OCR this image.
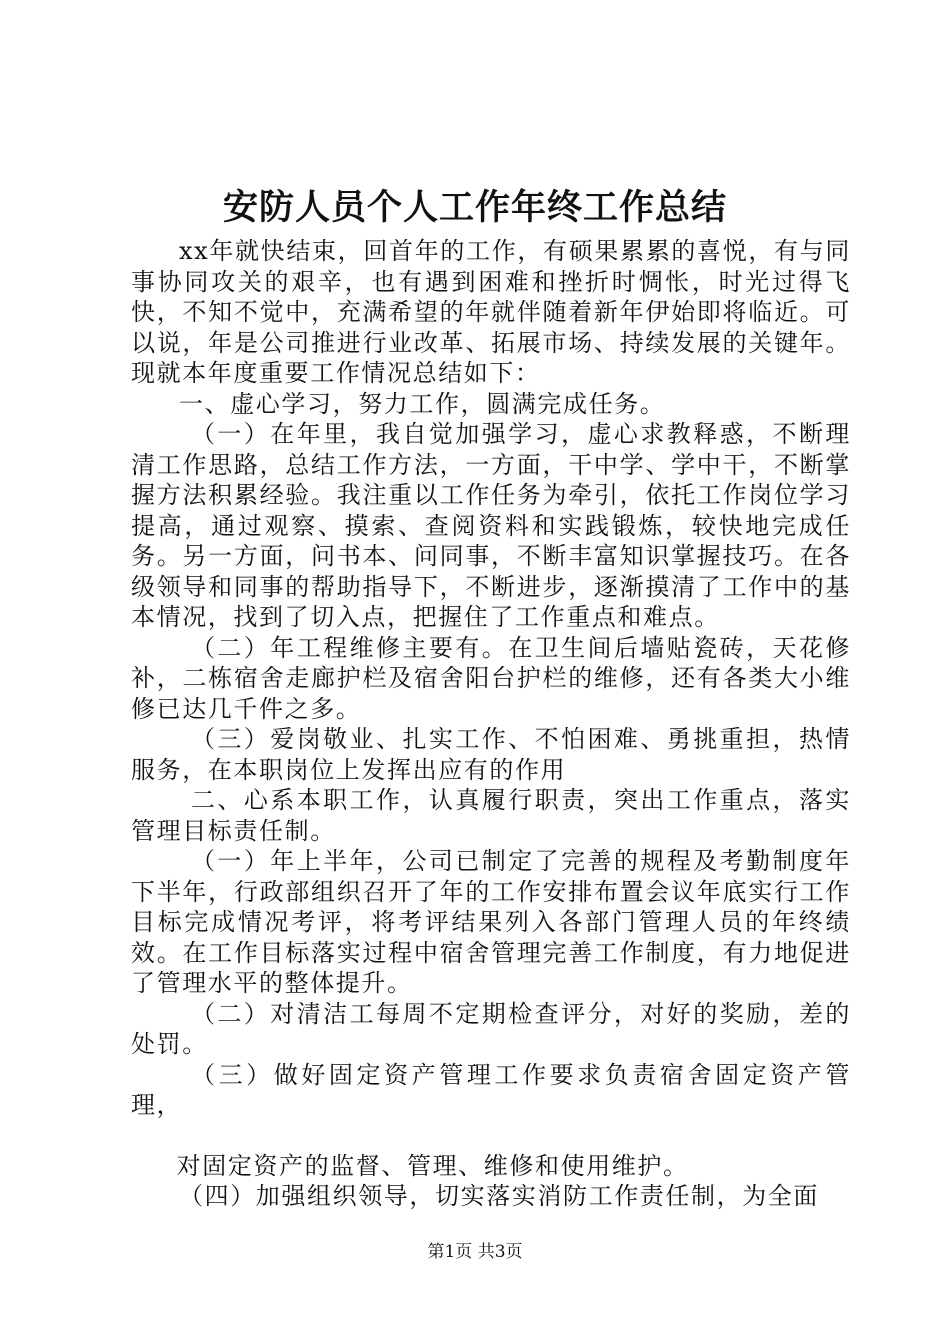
安防人员个人工作年终工作总结

xx年就快结束，回首年的工作，有硕果累累的喜悦，有与同事协同攻关的艰辛，也有遇到困难和挫折时惆怅，时光过得飞快，不知不觉中，充满希望的年就伴随着新年伊始即将临近。可以说，年是公司推进行业改革、拓展市场、持续发展的关键年。现就本年度重要工作情况总结如下：

一、虚心学习，努力工作，圆满完成任务。

（一）在年里，我自觉加强学习，虚心求教释惑，不断理清工作思路，总结工作方法，一方面，干中学、学中干，不断掌握方法积累经验。我注重以工作任务为牵引，依托工作岗位学习提高，通过观察、摸索、查阅资料和实践锻炼，较快地完成任务。另一方面，问书本、问同事，不断丰富知识掌握技巧。在各级领导和同事的帮助指导下，不断进步，逐渐摸清了工作中的基本情况，找到了切入点，把握住了工作重点和难点。

（二）年工程维修主要有。在卫生间后墙贴瓷砖，天花修补，二栋宿舍走廊护栏及宿舍阳台护栏的维修，还有各类大小维修已达几千件之多。

（三）爱岗敬业、扎实工作、不怕困难、勇挑重担，热情服务，在本职岗位上发挥出应有的作用

二、心系本职工作，认真履行职责，突出工作重点，落实管理目标责任制。

（一）年上半年，公司已制定了完善的规程及考勤制度年下半年，行政部组织召开了年的工作安排布置会议年底实行工作目标完成情况考评，将考评结果列入各部门管理人员的年终绩效。在工作目标落实过程中宿舍管理完善工作制度，有力地促进了管理水平的整体提升。

（二）对清洁工每周不定期检查评分，对好的奖励，差的处罚。

（三）做好固定资产管理工作要求负责宿舍固定资产管理，

对固定资产的监督、管理、维修和使用维护。

（四）加强组织领导，切实落实消防工作责任制，为全面

第1页 共3页
